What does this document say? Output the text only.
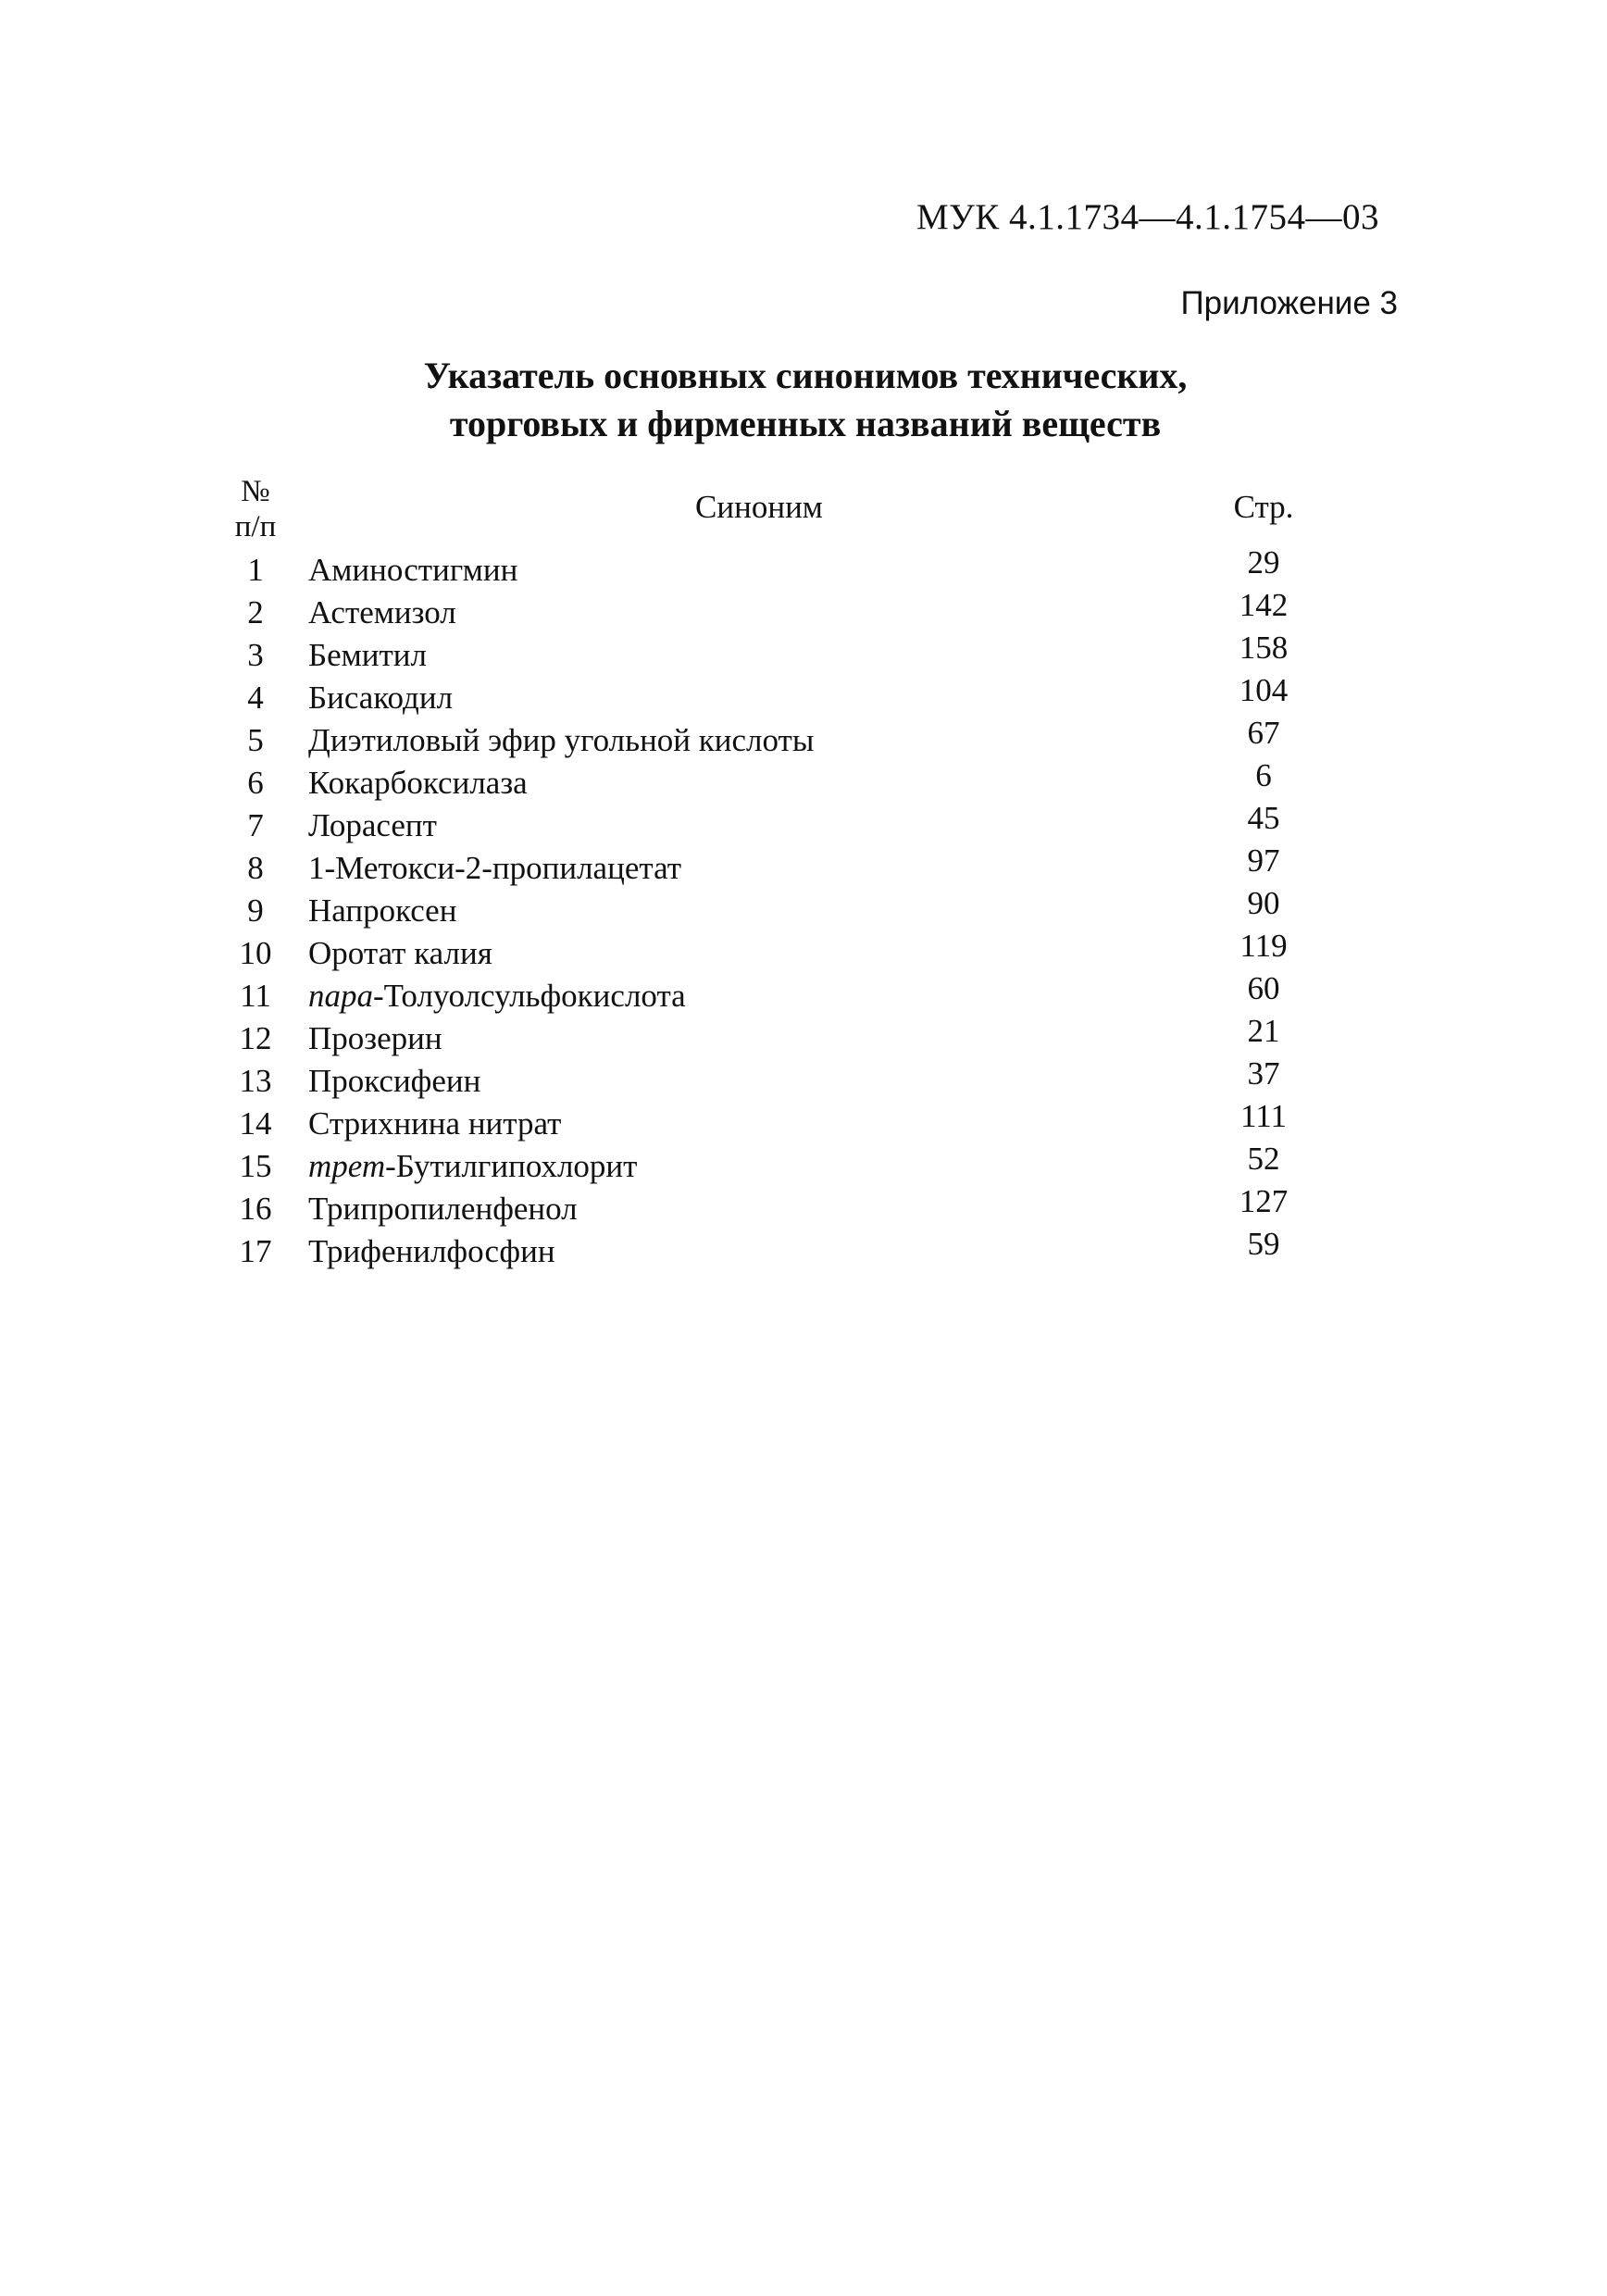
МУК 4.1.1734—4.1.1754—03
Приложение 3
Указатель основных синонимов технических,
торговых и фирменных названий веществ
№
п/п
Синоним	Стр.
1	Аминостигмин	29
2	Астемизол	142
3	Бемитил	158
4	Бисакодил	104
5	Диэтиловый эфир угольной кислоты	67
6	Кокарбоксилаза	6
7	Лорасепт	45
8	1-Метокси-2-пропилацетат	97
9	Напроксен	90
10	Оротат калия	119
11	пара-Толуолсульфокислота	60
12	Прозерин	21
13	Проксифеин	37
14	Стрихнина нитрат	111
15	трет-Бутилгипохлорит	52
16	Трипропиленфенол	127
17	Трифенилфосфин	59
